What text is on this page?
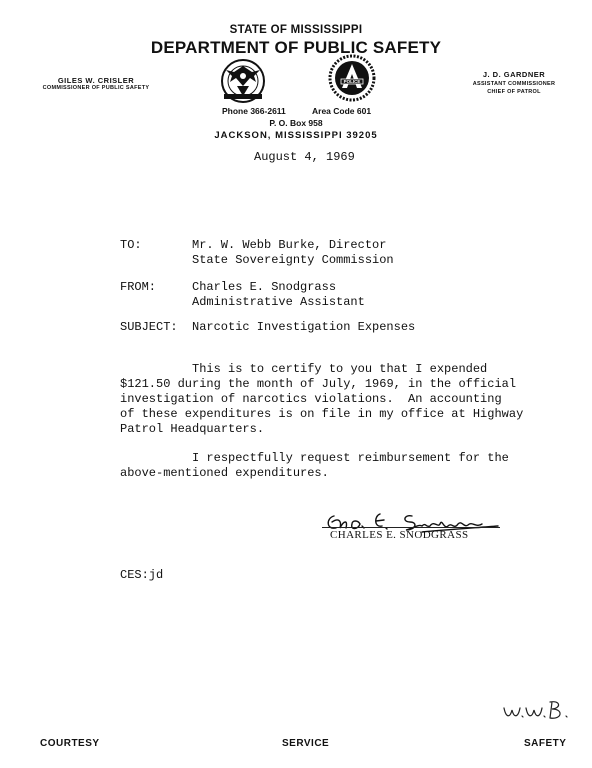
STATE OF MISSISSIPPI
DEPARTMENT OF PUBLIC SAFETY
GILES W. CRISLER
COMMISSIONER OF PUBLIC SAFETY
J. D. GARDNER
ASSISTANT COMMISSIONER
CHIEF OF PATROL
POLICE
Phone 366-2611	Area Code 601
P. O. Box 958
JACKSON, MISSISSIPPI 39205
August 4, 1969
TO:	Mr. W. Webb Burke, Director
State Sovereignty Commission
FROM:	Charles E. Snodgrass
Administrative Assistant
SUBJECT: Narcotic Investigation Expenses
This is to certify to you that I expended
$121.50 during the month of July, 1969, in the official
investigation of narcotics violations.  An accounting
of these expenditures is on file in my office at Highway
Patrol Headquarters.
I respectfully request reimbursement for the
above-mentioned expenditures.
CHARLES E. SNODGRASS
CES:jd
COURTESY	SERVICE	SAFETY
